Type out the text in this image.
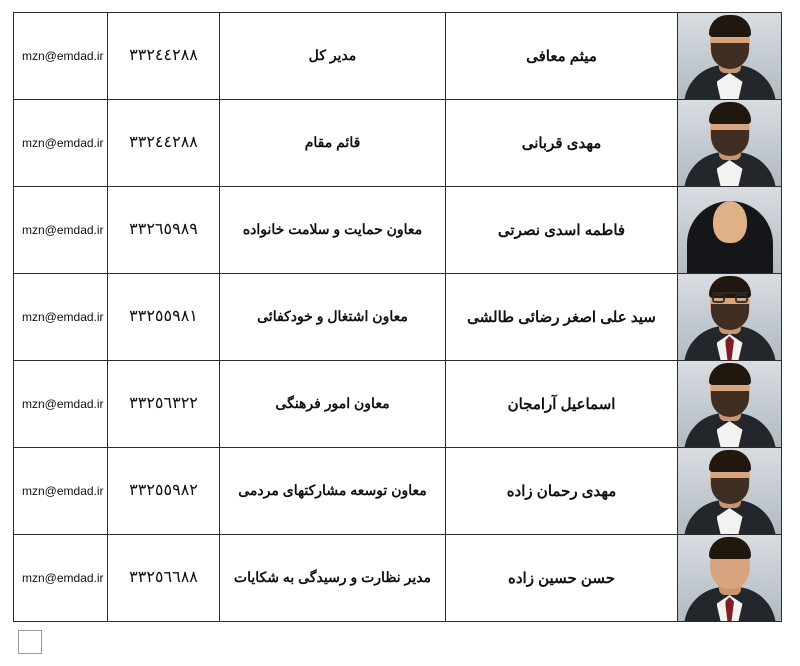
	میثم معافی	مدیر کل	٣٣٢٤٤٢٨٨	mzn@emdad.ir

	مهدی قربانی	قائم مقام	٣٣٢٤٤٢٨٨	mzn@emdad.ir

	فاطمه اسدی نصرتی	معاون حمایت و سلامت خانواده	٣٣٢٦٥٩٨٩	mzn@emdad.ir

	سید علی اصغر رضائی طالشی	معاون اشتغال و خودکفائی	٣٣٢٥٥٩٨١	mzn@emdad.ir

	اسماعیل آرامجان	معاون امور فرهنگی	٣٣٢٥٦٣٢٢	mzn@emdad.ir

	مهدی رحمان زاده	معاون توسعه مشارکتهای مردمی	٣٣٢٥٥٩٨٢	mzn@emdad.ir

	حسن حسین زاده	مدیر نظارت و رسیدگی به شکایات	٣٣٢٥٦٦٨٨	mzn@emdad.ir
